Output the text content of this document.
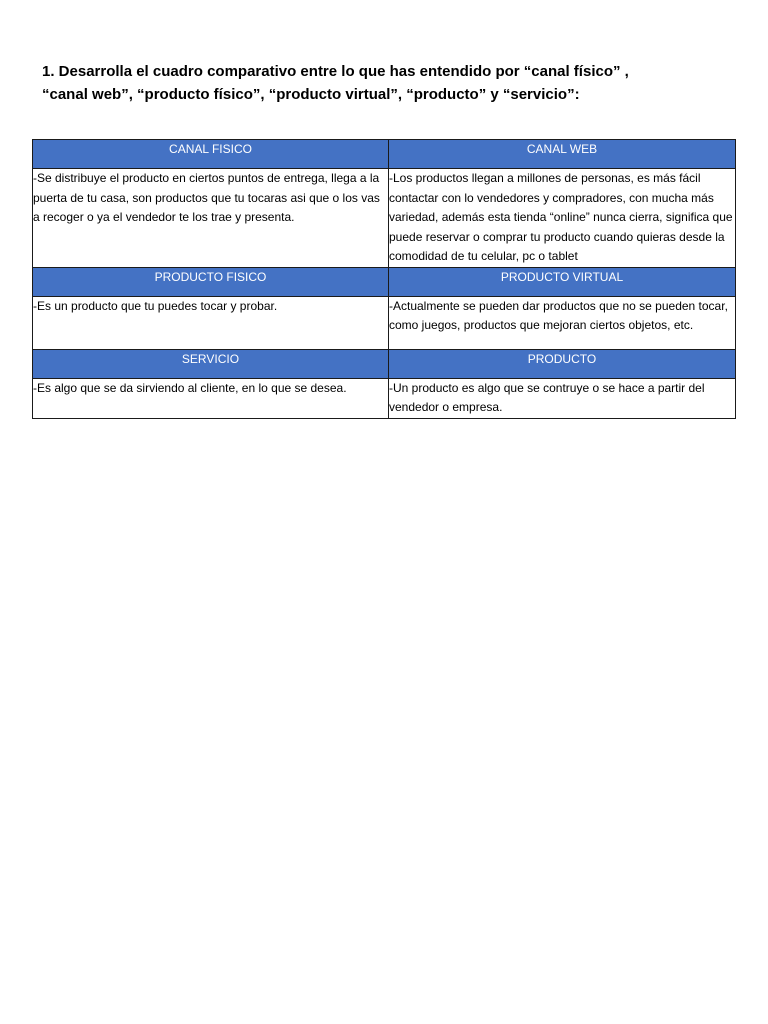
1. Desarrolla el cuadro comparativo entre lo que has entendido por “canal físico” ,
“canal web”, “producto físico”, “producto virtual”, “producto” y “servicio”:

CANAL FISICO	CANAL WEB
-Se distribuye el producto en ciertos puntos de entrega, llega a la puerta de tu casa, son productos que tu tocaras asi que o los vas a recoger o ya el vendedor te los trae y presenta.	-Los productos llegan a millones de personas, es más fácil contactar con lo vendedores y compradores, con mucha más variedad, además esta tienda “online” nunca cierra, significa que puede reservar o comprar tu producto cuando quieras desde la comodidad de tu celular, pc o tablet
PRODUCTO FISICO	PRODUCTO VIRTUAL
-Es un producto que tu puedes tocar y probar.	-Actualmente se pueden dar productos que no se pueden tocar, como juegos, productos que mejoran ciertos objetos, etc.
SERVICIO	PRODUCTO
-Es algo que se da sirviendo al cliente, en lo que se desea.	-Un producto es algo que se contruye o se hace a partir del vendedor o empresa.
